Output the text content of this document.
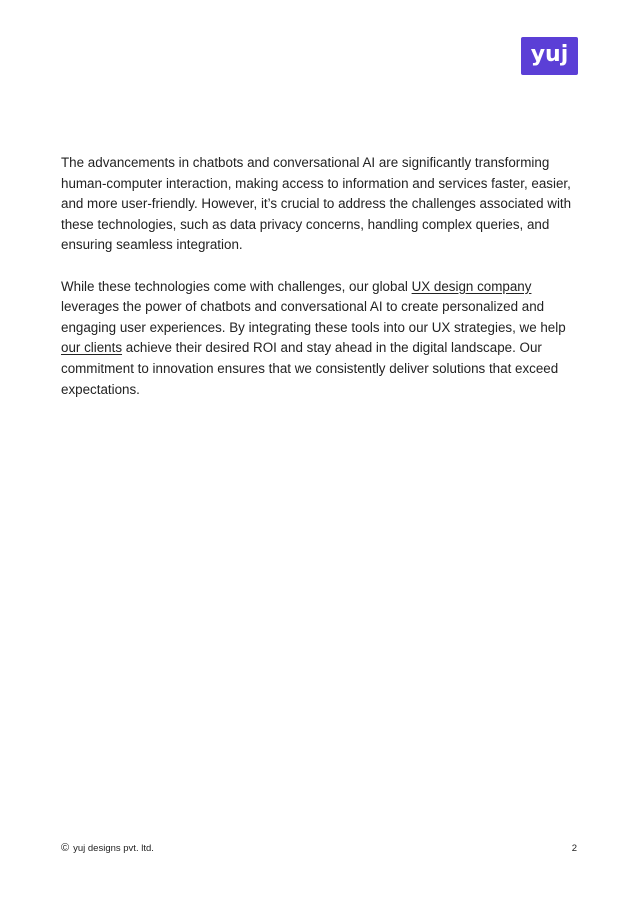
yuj

The advancements in chatbots and conversational AI are significantly transforming human-computer interaction, making access to information and services faster, easier, and more user-friendly. However, it’s crucial to address the challenges associated with these technologies, such as data privacy concerns, handling complex queries, and ensuring seamless integration.

While these technologies come with challenges, our global UX design company leverages the power of chatbots and conversational AI to create personalized and engaging user experiences. By integrating these tools into our UX strategies, we help our clients achieve their desired ROI and stay ahead in the digital landscape. Our commitment to innovation ensures that we consistently deliver solutions that exceed expectations.

© yuj designs pvt. ltd.	2
